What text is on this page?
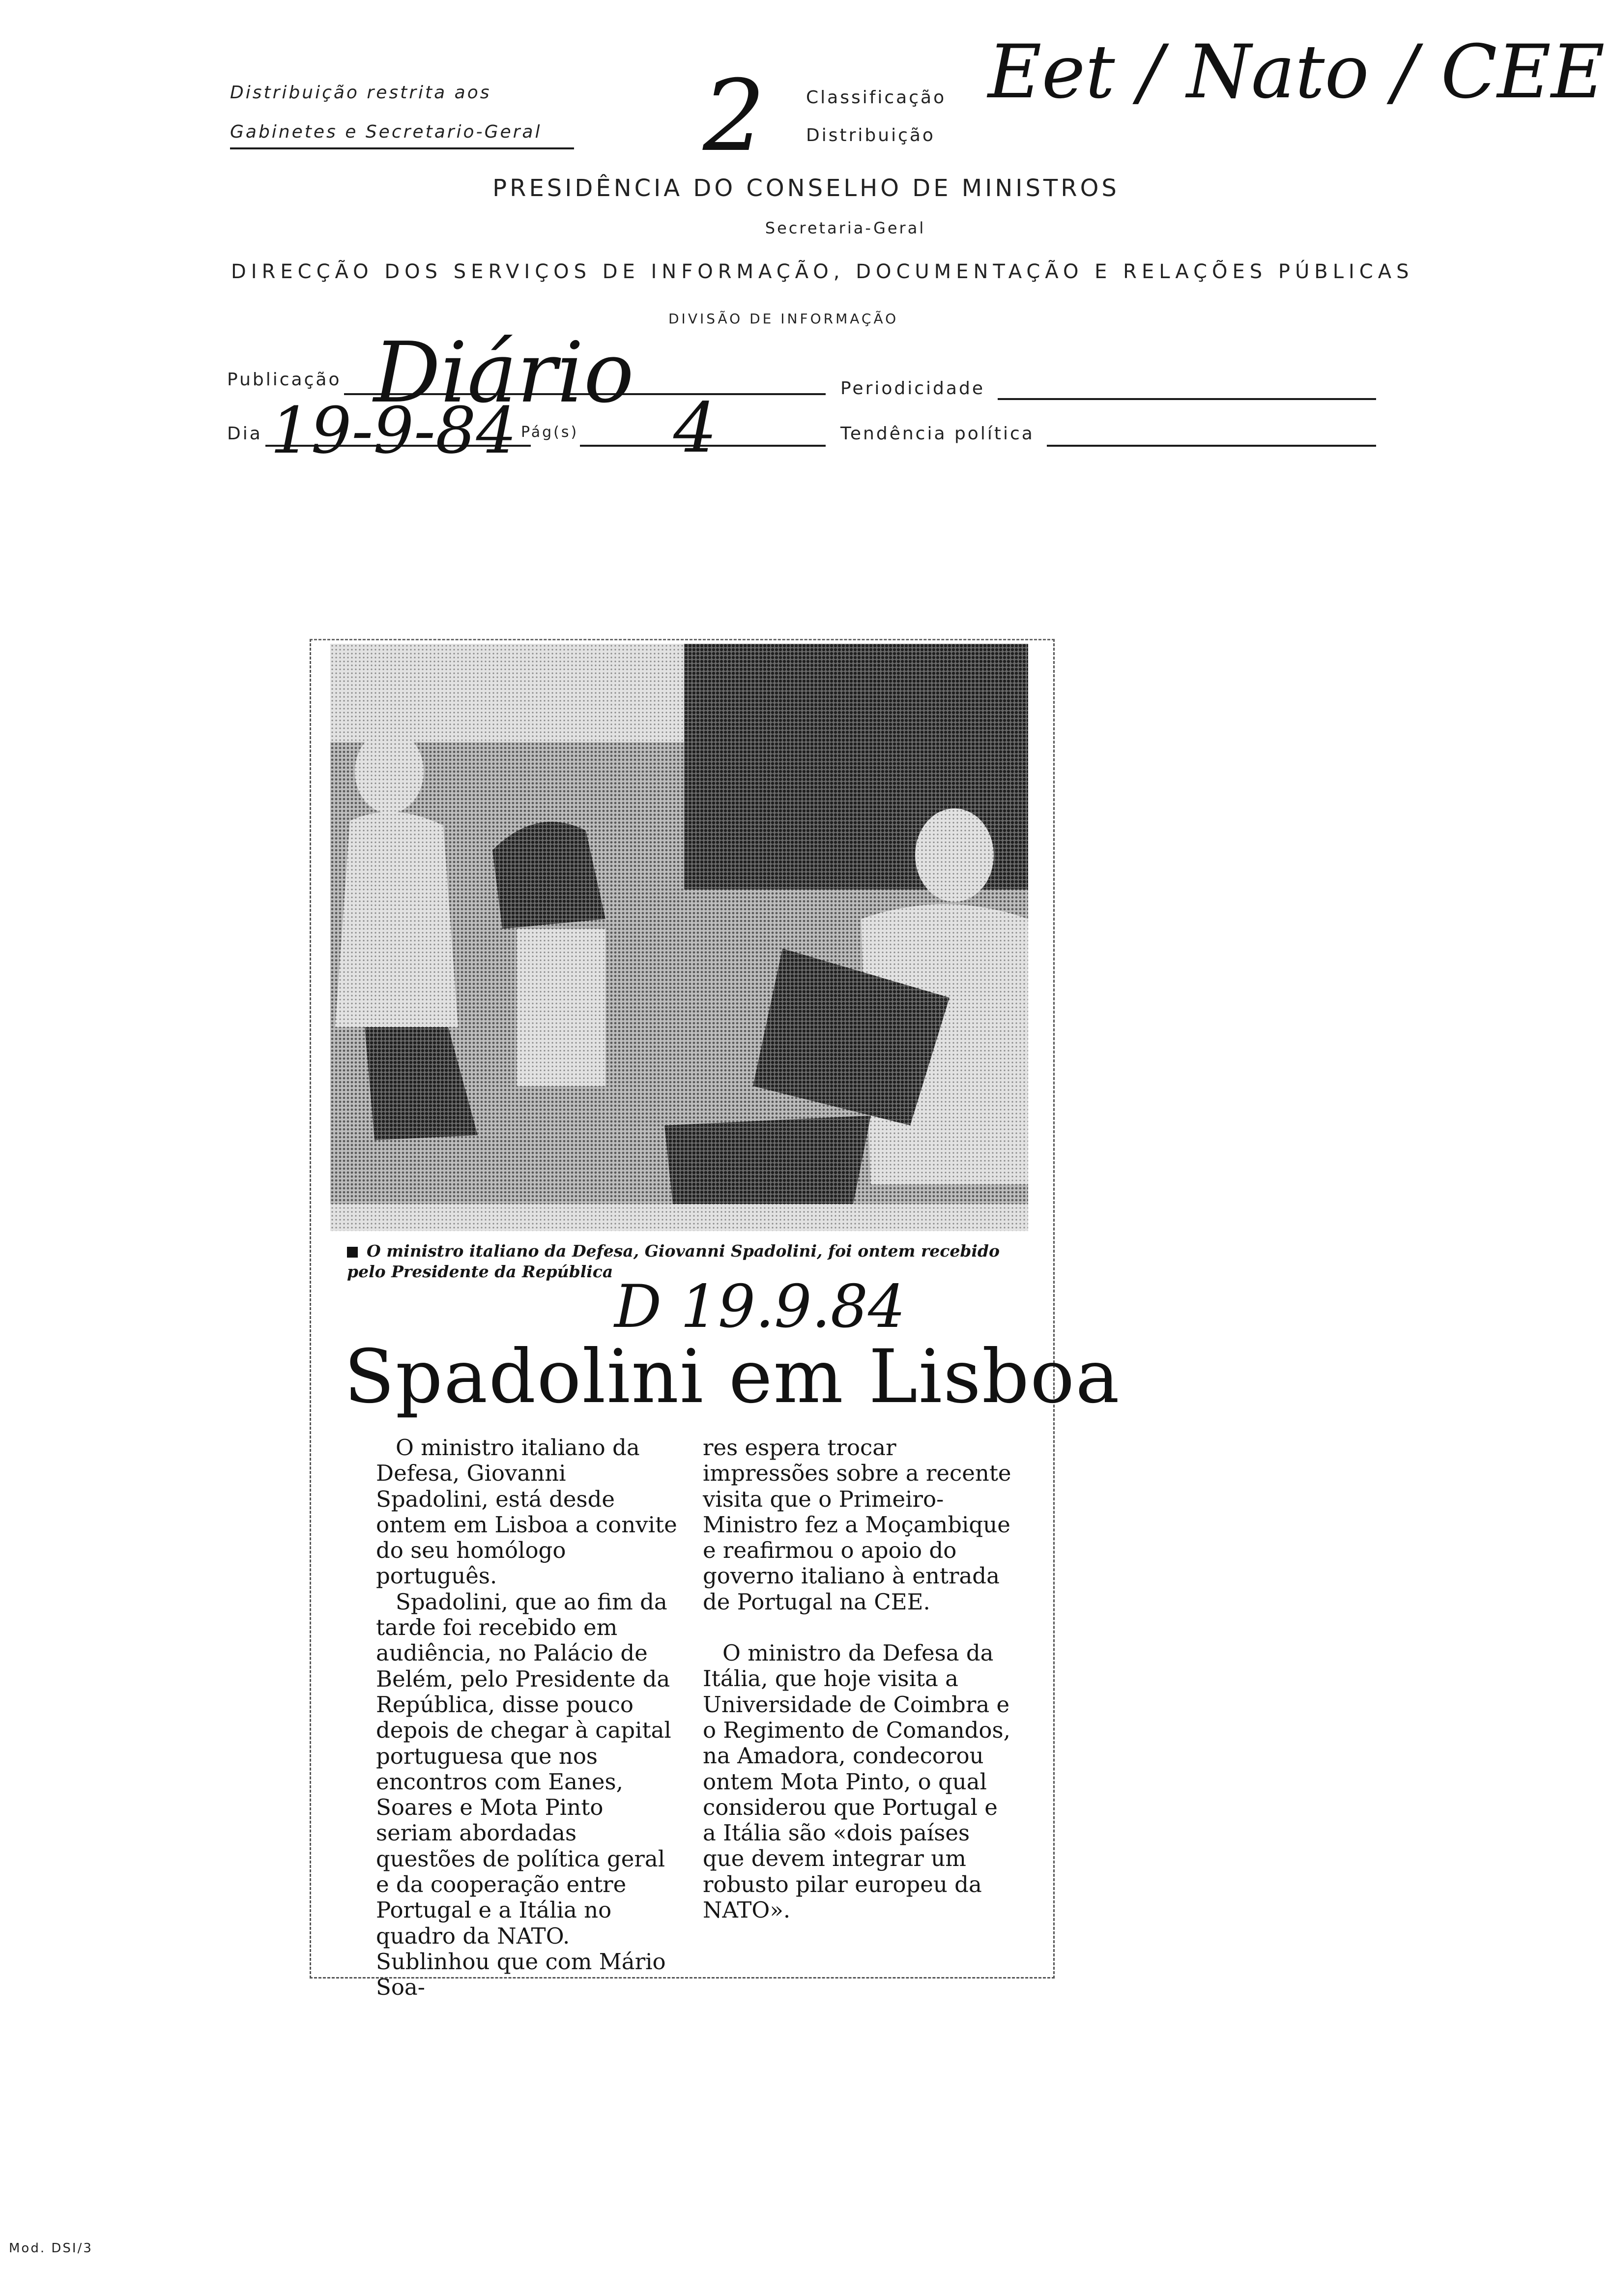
Distribuição restrita aos
Gabinetes e Secretario-Geral 2 Classificação
Distribuição
Eet / Nato / CEE
PRESIDÊNCIA DO CONSELHO DE MINISTROS
Secretaria-Geral
DIRECÇÃO DOS SERVIÇOS DE INFORMAÇÃO, DOCUMENTAÇÃO E RELAÇÕES PÚBLICAS
DIVISÃO DE INFORMAÇÃO
Publicação Diário
Dia 19-9-84 Pág(s) 4	Periodicidade
Tendência política
O ministro italiano da Defesa, Giovanni Spadolini, foi ontem recebido pelo Presidente da República
D 19.9.84
Spadolini em Lisboa

O ministro italiano da Defesa, Giovanni Spadolini, está desde ontem em Lisboa a convite do seu homólogo português.

Spadolini, que ao fim da tarde foi recebido em audiência, no Palácio de Belém, pelo Presidente da República, disse pouco depois de chegar à capital portuguesa que nos encontros com Eanes, Soares e Mota Pinto seriam abordadas questões de política geral e da cooperação entre Portugal e a Itália no quadro da NATO. Sublinhou que com Mário Soa-

res espera trocar impressões sobre a recente visita que o Primeiro-Ministro fez a Moçambique e reafirmou o apoio do governo italiano à entrada de Portugal na CEE.

O ministro da Defesa da Itália, que hoje visita a Universidade de Coimbra e o Regimento de Comandos, na Amadora, condecorou ontem Mota Pinto, o qual considerou que Portugal e a Itália são «dois países que devem integrar um robusto pilar europeu da NATO».

Mod. DSI/3
